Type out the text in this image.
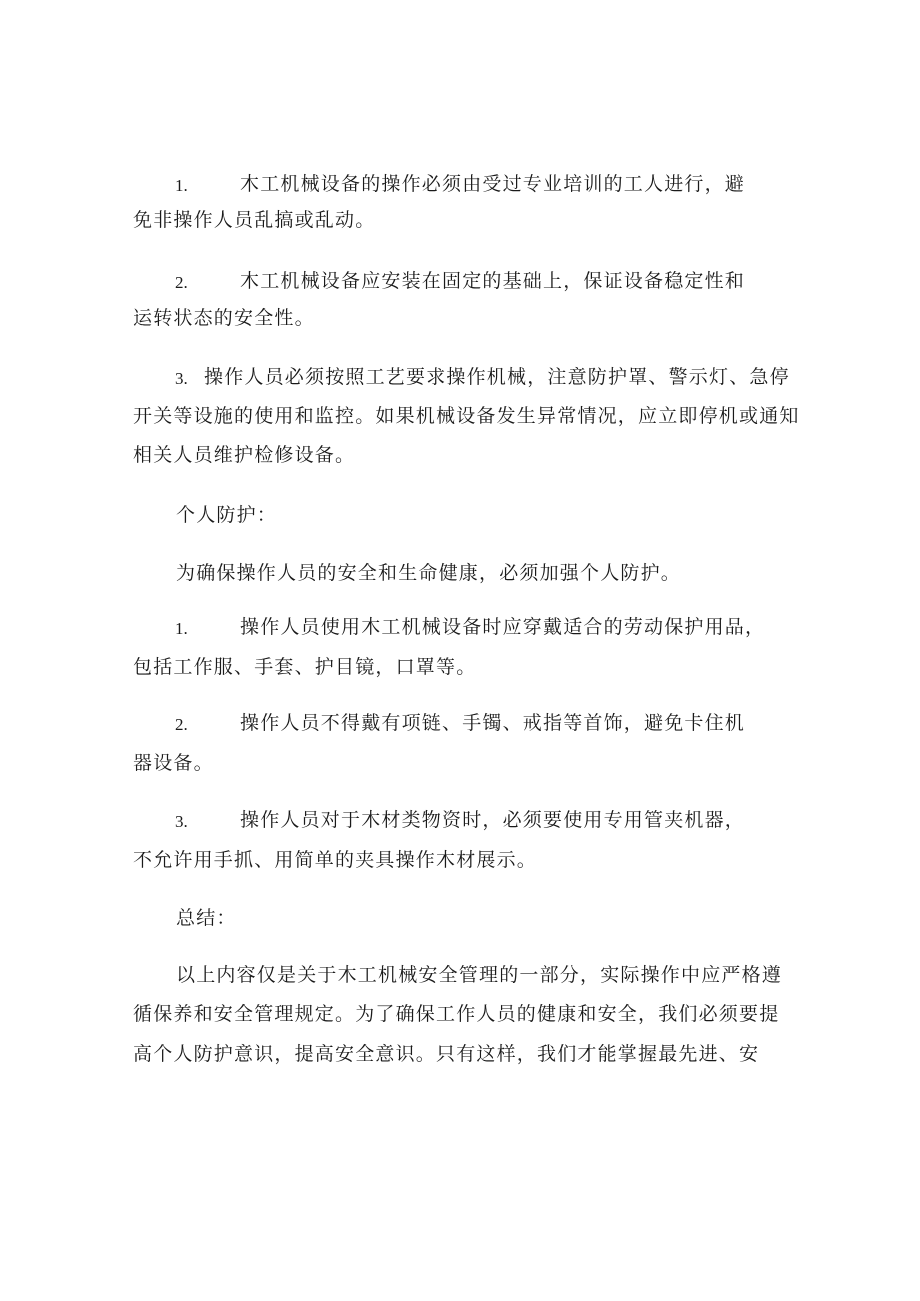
1.	木工机械设备的操作必须由受过专业培训的工人进行，避
免非操作人员乱搞或乱动。
2.	木工机械设备应安装在固定的基础上，保证设备稳定性和
运转状态的安全性。
3. 操作人员必须按照工艺要求操作机械，注意防护罩、警示灯、急停
开关等设施的使用和监控。如果机械设备发生异常情况，应立即停机或通知
相关人员维护检修设备。
个人防护：
为确保操作人员的安全和生命健康，必须加强个人防护。
1.	操作人员使用木工机械设备时应穿戴适合的劳动保护用品，
包括工作服、手套、护目镜，口罩等。
2.	操作人员不得戴有项链、手镯、戒指等首饰，避免卡住机
器设备。
3.	操作人员对于木材类物资时，必须要使用专用管夹机器，
不允许用手抓、用简单的夹具操作木材展示。
总结：
以上内容仅是关于木工机械安全管理的一部分，实际操作中应严格遵
循保养和安全管理规定。为了确保工作人员的健康和安全，我们必须要提
高个人防护意识，提高安全意识。只有这样，我们才能掌握最先进、安
